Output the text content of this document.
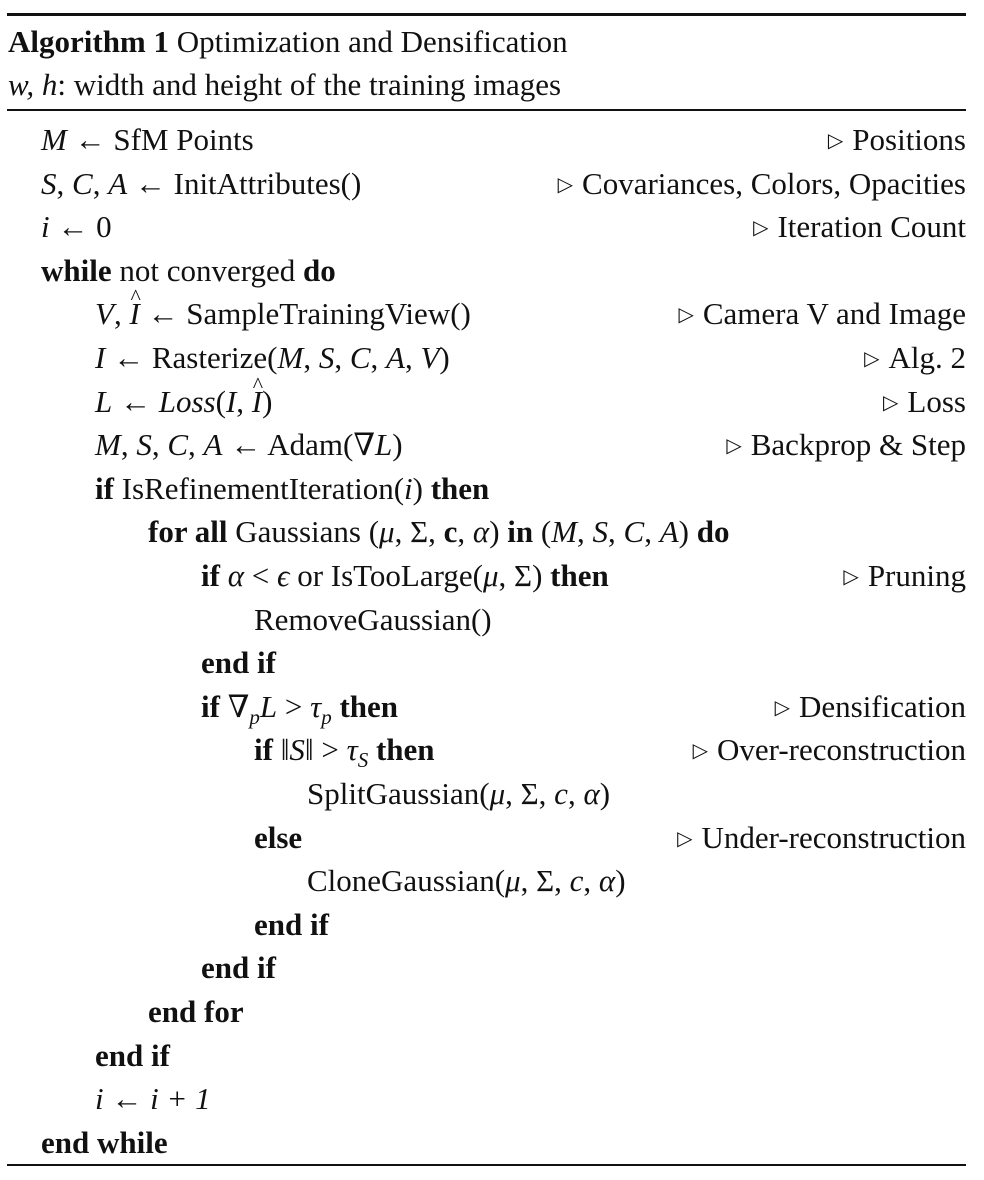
Algorithm 1 Optimization and Densification
w, h: width and height of the training images
M ← SfM Points	▷ Positions
S, C, A ← InitAttributes()	▷ Covariances, Colors, Opacities
i ← 0	▷ Iteration Count
while not converged do
V, ^ I ← SampleTrainingView()	▷ Camera V and Image
I ← Rasterize(M, S, C, A, V)	▷ Alg. 2
L ← Loss(I, ^ I)	▷ Loss
M, S, C, A ← Adam(∇L)	▷ Backprop & Step
if IsRefinementIteration(i) then
for all Gaussians (μ, Σ, c, α) in (M, S, C, A) do
if α < ϵ or IsTooLarge(μ, Σ) then	▷ Pruning
RemoveGaussian()
end if
if $\nabla_pL > \tau_p$ then	▷ Densification
if ‖S‖ > $\tau_S$ then	▷ Over-reconstruction
SplitGaussian(μ, Σ, c, α)
else	▷ Under-reconstruction
CloneGaussian(μ, Σ, c, α)
end if
end if
end for
end if
i ← i + 1
end while
